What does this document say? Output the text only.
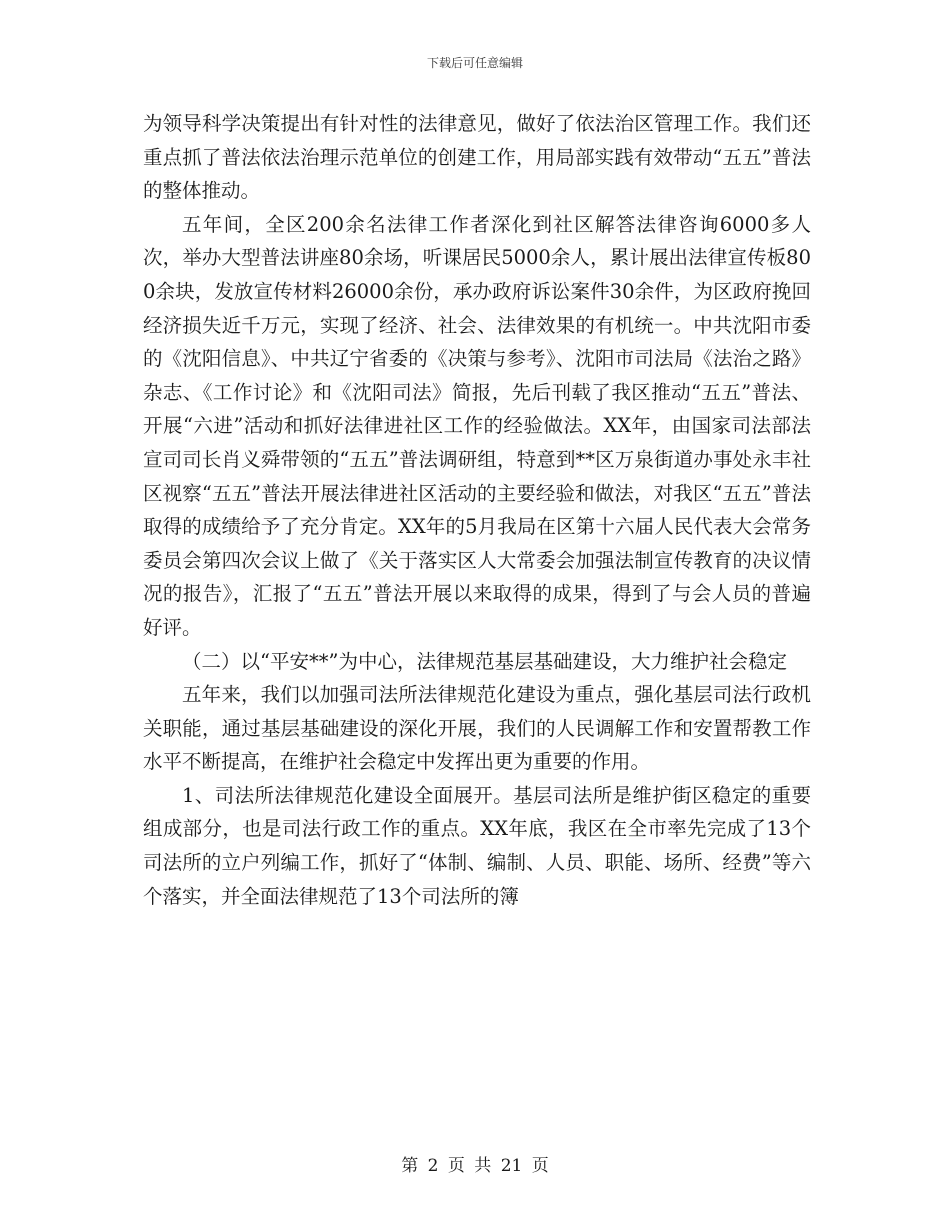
下载后可任意编辑

为领导科学决策提出有针对性的法律意见，做好了依法治区管理工作。我们还重点抓了普法依法治理示范单位的创建工作，用局部实践有效带动“五五”普法的整体推动。

五年间，全区200余名法律工作者深化到社区解答法律咨询6000多人次，举办大型普法讲座80余场，听课居民5000余人，累计展出法律宣传板800余块，发放宣传材料26000余份，承办政府诉讼案件30余件，为区政府挽回经济损失近千万元，实现了经济、社会、法律效果的有机统一。中共沈阳市委的《沈阳信息》、中共辽宁省委的《决策与参考》、沈阳市司法局《法治之路》杂志、《工作讨论》和《沈阳司法》简报，先后刊载了我区推动“五五”普法、开展“六进”活动和抓好法律进社区工作的经验做法。XX年，由国家司法部法宣司司长肖义舜带领的“五五”普法调研组，特意到**区万泉街道办事处永丰社区视察“五五”普法开展法律进社区活动的主要经验和做法，对我区“五五”普法取得的成绩给予了充分肯定。XX年的5月我局在区第十六届人民代表大会常务委员会第四次会议上做了《关于落实区人大常委会加强法制宣传教育的决议情况的报告》，汇报了“五五”普法开展以来取得的成果，得到了与会人员的普遍好评。

（二）以“平安**”为中心，法律规范基层基础建设，大力维护社会稳定

五年来，我们以加强司法所法律规范化建设为重点，强化基层司法行政机关职能，通过基层基础建设的深化开展，我们的人民调解工作和安置帮教工作水平不断提高，在维护社会稳定中发挥出更为重要的作用。

1、司法所法律规范化建设全面展开。基层司法所是维护街区稳定的重要组成部分，也是司法行政工作的重点。XX年底，我区在全市率先完成了13个司法所的立户列编工作，抓好了“体制、编制、人员、职能、场所、经费”等六个落实，并全面法律规范了13个司法所的簿

第 2 页 共 21 页
